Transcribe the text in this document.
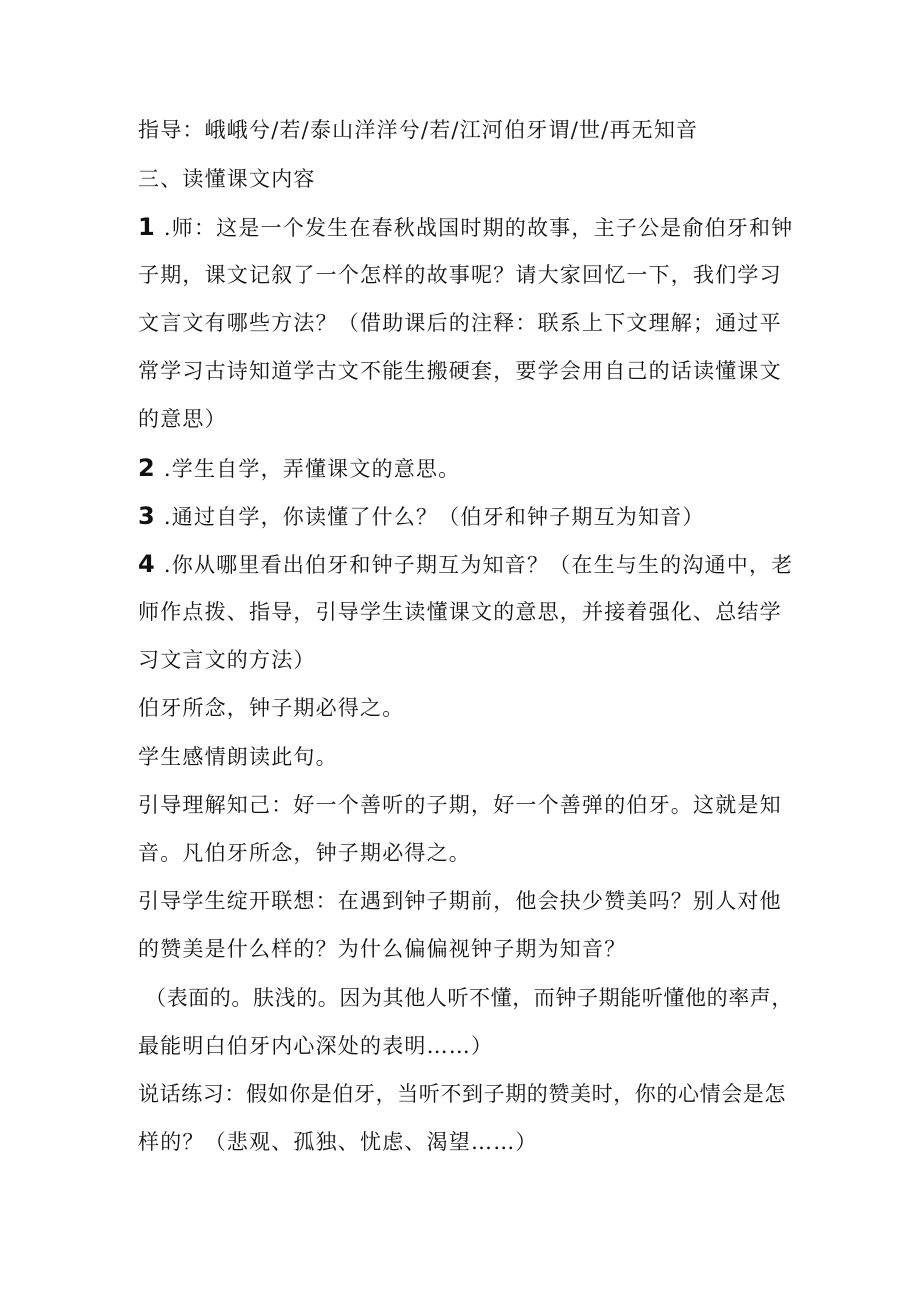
指导：峨峨兮/若/泰山洋洋兮/若/江河伯牙谓/世/再无知音
三、读懂课文内容
1 .师：这是一个发生在春秋战国时期的故事，主子公是俞伯牙和钟
子期，课文记叙了一个怎样的故事呢？请大家回忆一下，我们学习
文言文有哪些方法？（借助课后的注释：联系上下文理解；通过平
常学习古诗知道学古文不能生搬硬套，要学会用自己的话读懂课文
的意思）
2 .学生自学，弄懂课文的意思。
3 .通过自学，你读懂了什么？（伯牙和钟子期互为知音）
4 .你从哪里看出伯牙和钟子期互为知音？（在生与生的沟通中，老
师作点拨、指导，引导学生读懂课文的意思，并接着强化、总结学
习文言文的方法）
伯牙所念，钟子期必得之。
学生感情朗读此句。
引导理解知己：好一个善听的子期，好一个善弹的伯牙。这就是知
音。凡伯牙所念，钟子期必得之。
引导学生绽开联想：在遇到钟子期前，他会抉少赞美吗？别人对他
的赞美是什么样的？为什么偏偏视钟子期为知音？
（表面的。肤浅的。因为其他人听不懂，而钟子期能听懂他的率声，
最能明白伯牙内心深处的表明……）
说话练习：假如你是伯牙，当听不到子期的赞美时，你的心情会是怎
样的？（悲观、孤独、忧虑、渴望……）
